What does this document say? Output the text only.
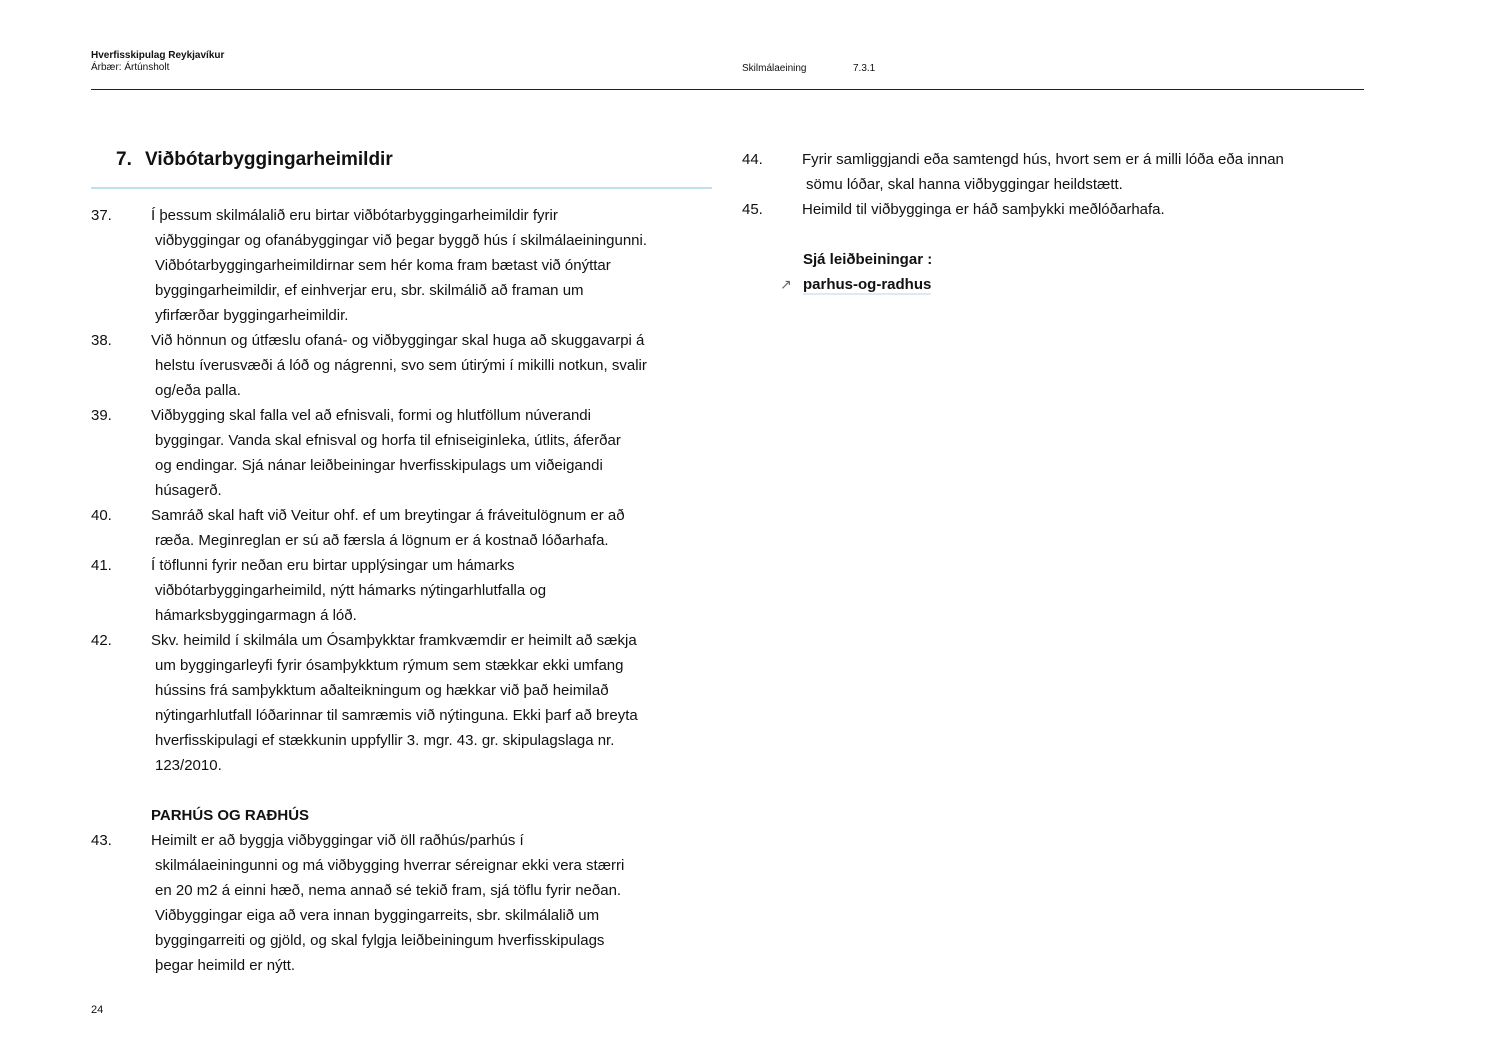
Hverfisskipulag Reykjavíkur
Árbær: Ártúnsholt	Skilmálaeining	7.3.1
7. Viðbótarbyggingarheimildir
37.	Í þessum skilmálalið eru birtar viðbótarbyggingarheimildir fyrir
viðbyggingar og ofanábyggingar við þegar byggð hús í skilmálaeiningunni.
Viðbótarbyggingarheimildirnar sem hér koma fram bætast við ónýttar
byggingarheimildir, ef einhverjar eru, sbr. skilmálið að framan um
yfirfærðar byggingarheimildir.
38.	Við hönnun og útfæslu ofaná- og viðbyggingar skal huga að skuggavarpi á
helstu íverusvæði á lóð og nágrenni, svo sem útirými í mikilli notkun, svalir
og/eða palla.
39.	Viðbygging skal falla vel að efnisvali, formi og hlutföllum núverandi
byggingar. Vanda skal efnisval og horfa til efniseiginleka, útlits, áferðar
og endingar. Sjá nánar leiðbeiningar hverfisskipulags um viðeigandi
húsagerð.
40.	Samráð skal haft við Veitur ohf. ef um breytingar á fráveitulögnum er að
ræða. Meginreglan er sú að færsla á lögnum er á kostnað lóðarhafa.
41.	Í töflunni fyrir neðan eru birtar upplýsingar um hámarks
viðbótarbyggingarheimild, nýtt hámarks nýtingarhlutfalla og
hámarksbyggingarmagn á lóð.
42.	Skv. heimild í skilmála um Ósamþykktar framkvæmdir er heimilt að sækja
um byggingarleyfi fyrir ósamþykktum rýmum sem stækkar ekki umfang
hússins frá samþykktum aðalteikningum og hækkar við það heimilað
nýtingarhlutfall lóðarinnar til samræmis við nýtinguna. Ekki þarf að breyta
hverfisskipulagi ef stækkunin uppfyllir 3. mgr. 43. gr. skipulagslaga nr.
123/2010.
PARHÚS OG RAÐHÚS
43.	Heimilt er að byggja viðbyggingar við öll raðhús/parhús í
skilmálaeiningunni og má viðbygging hverrar séreignar ekki vera stærri
en 20 m2 á einni hæð, nema annað sé tekið fram, sjá töflu fyrir neðan.
Viðbyggingar eiga að vera innan byggingarreits, sbr. skilmálalið um
byggingarreiti og gjöld, og skal fylgja leiðbeiningum hverfisskipulags
þegar heimild er nýtt.
44.	Fyrir samliggjandi eða samtengd hús, hvort sem er á milli lóða eða innan
sömu lóðar, skal hanna viðbyggingar heildstætt.
45.	Heimild til viðbygginga er háð samþykki meðlóðarhafa.
Sjá leiðbeiningar :
↗ parhus-og-radhus
24
